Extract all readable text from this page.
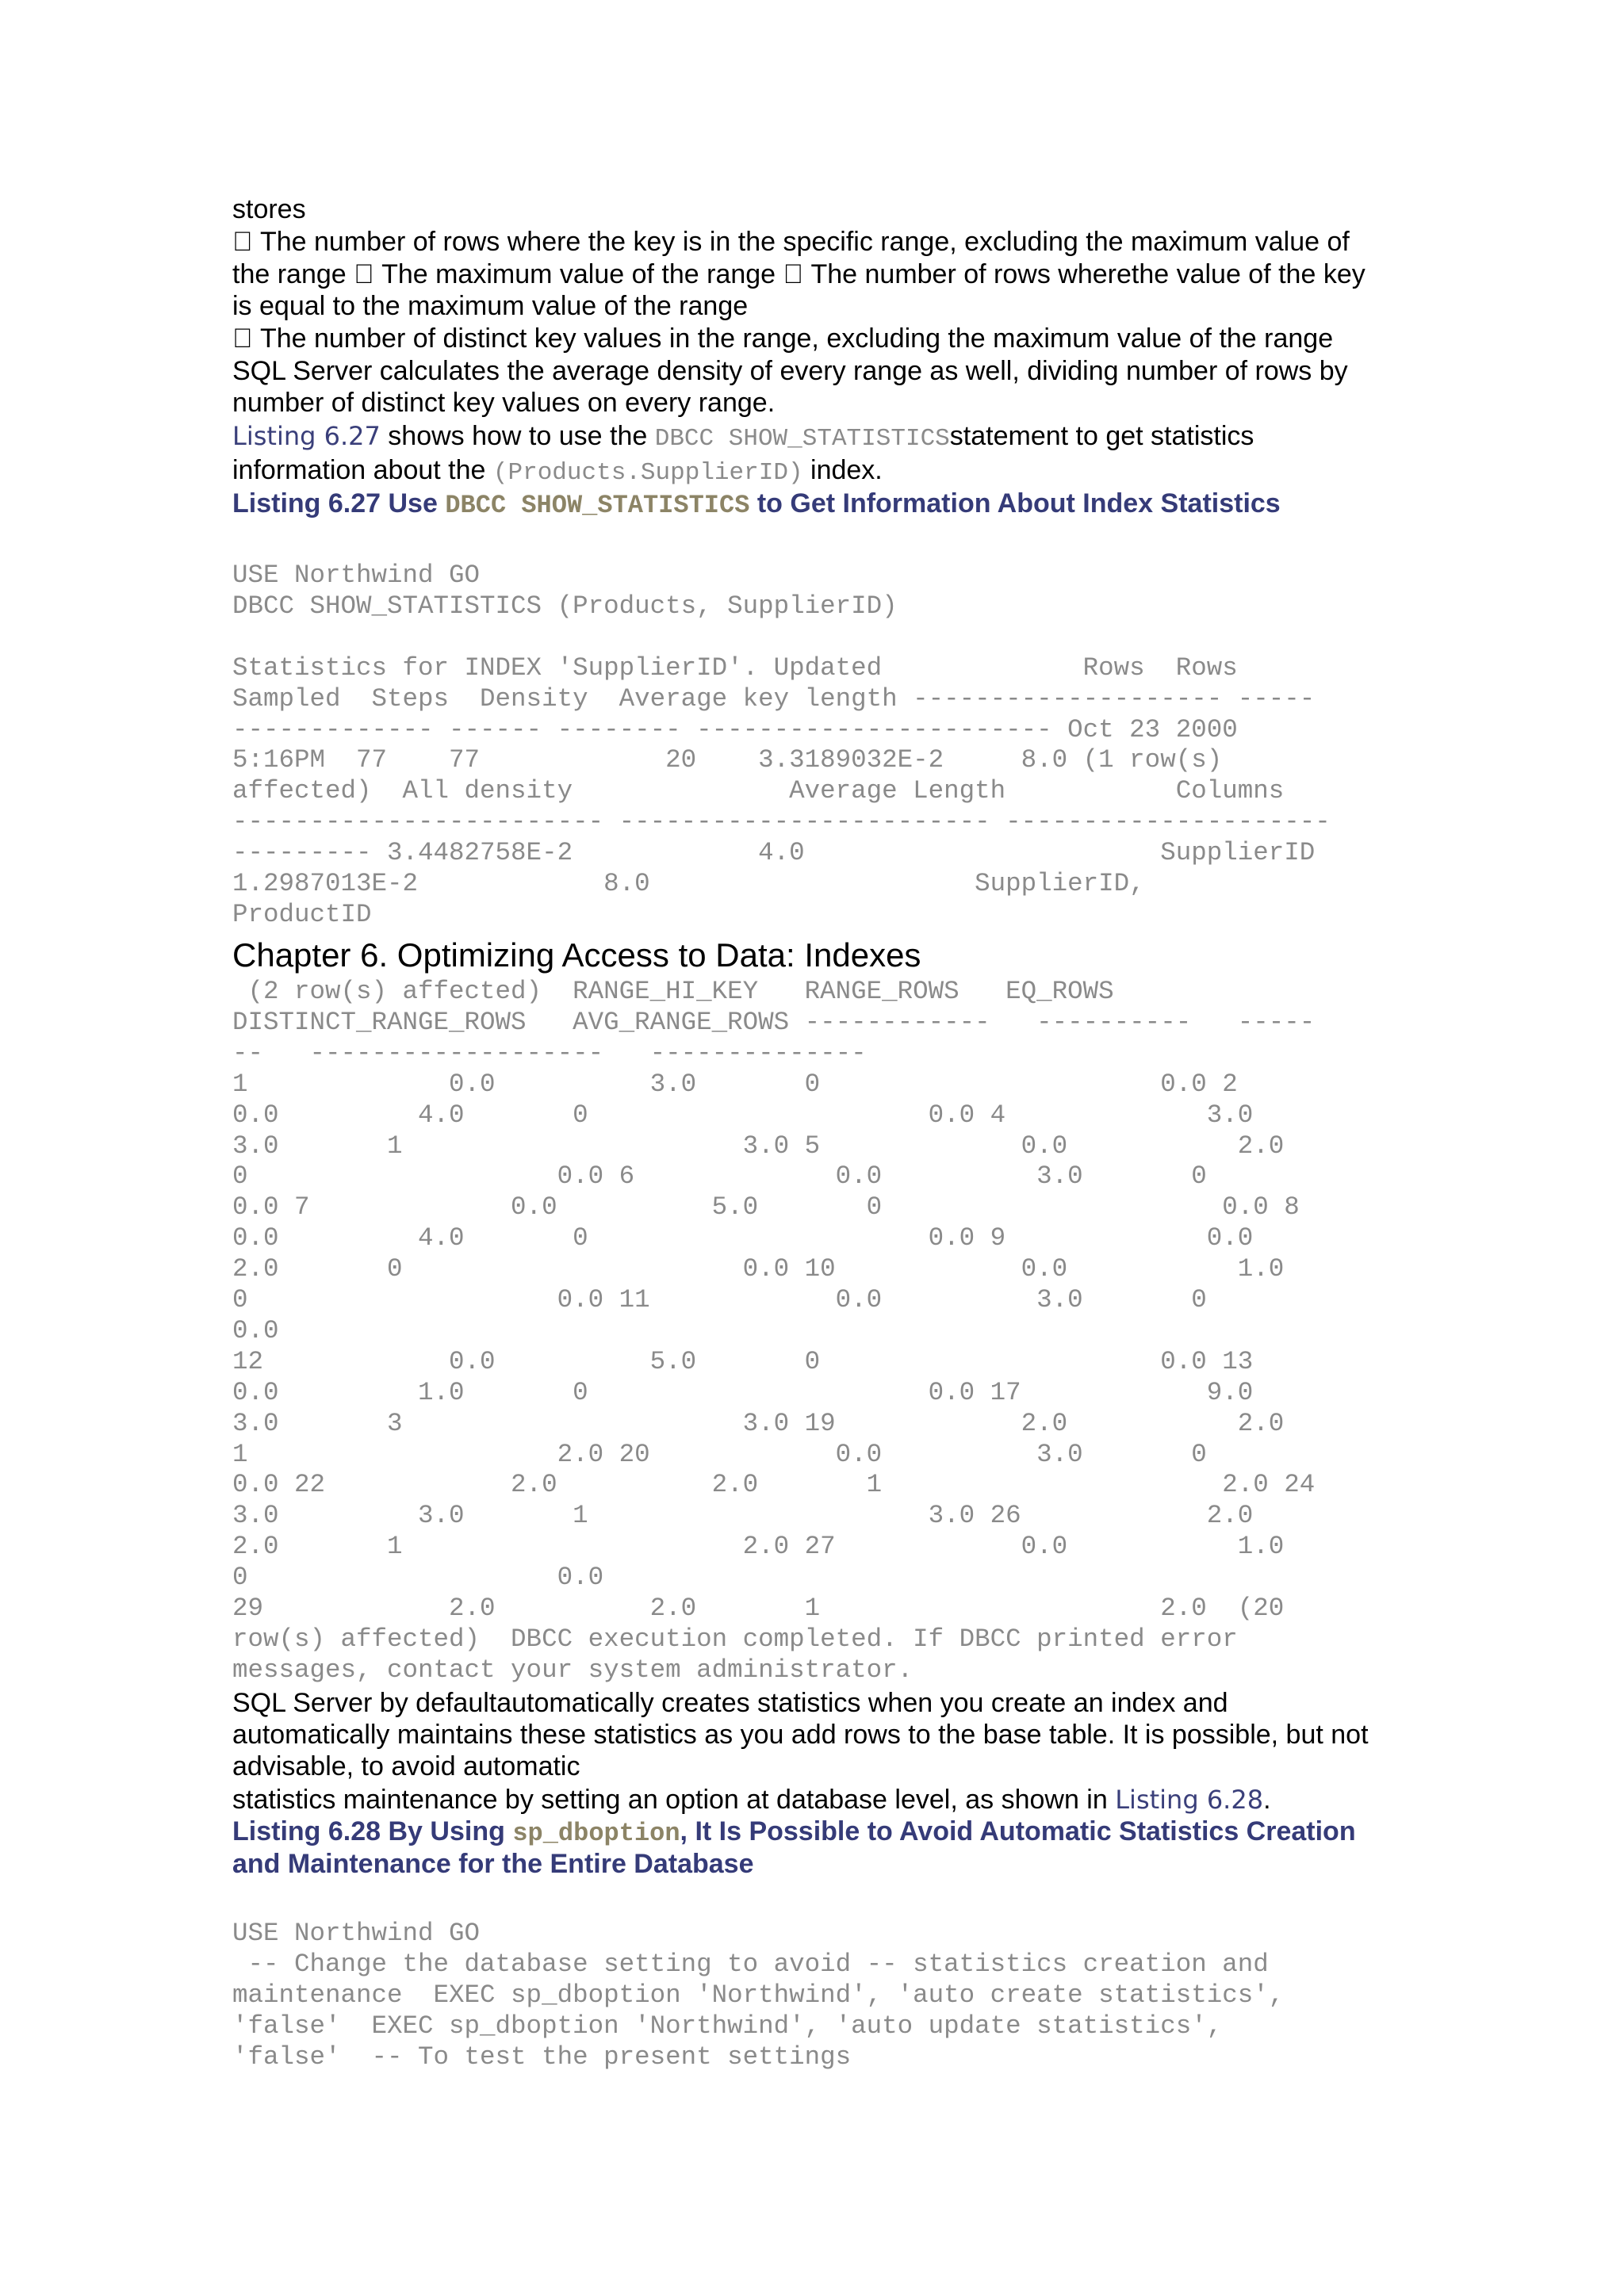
stores

The number of rows where the key is in the specific range, excluding the maximum value of

the range   The maximum value of the range   The number of rows wherethe value of the key

is equal to the maximum value of the range

The number of distinct key values in the range, excluding the maximum value of the range

SQL Server calculates the average density of every range as well, dividing number of rows by

number of distinct key values on every range.

Listing 6.27 shows how to use the DBCC SHOW_STATISTICSstatement to get statistics

information about the (Products.SupplierID) index.

Listing 6.27 Use DBCC SHOW_STATISTICS to Get Information About Index Statistics

USE Northwind GO

DBCC SHOW_STATISTICS (Products, SupplierID)

Statistics for INDEX 'SupplierID'. Updated             Rows  Rows

Sampled  Steps  Density  Average key length -------------------- -----

------------- ------ -------- ----------------------- Oct 23 2000

5:16PM  77    77            20    3.3189032E-2     8.0 (1 row(s)

affected)  All density              Average Length           Columns

------------------------ ------------------------ ---------------------

--------- 3.4482758E-2            4.0                       SupplierID

1.2987013E-2            8.0                     SupplierID,

ProductID

Chapter 6. Optimizing Access to Data: Indexes

(2 row(s) affected)  RANGE_HI_KEY   RANGE_ROWS   EQ_ROWS

DISTINCT_RANGE_ROWS   AVG_RANGE_ROWS ------------   ----------   -----

--   -------------------   --------------

1             0.0          3.0       0                      0.0 2

0.0         4.0       0                      0.0 4             3.0

3.0       1                      3.0 5             0.0           2.0

0                    0.0 6             0.0          3.0       0

0.0 7             0.0          5.0       0                      0.0 8

0.0         4.0       0                      0.0 9             0.0

2.0       0                      0.0 10            0.0           1.0

0                    0.0 11            0.0          3.0       0

0.0

12            0.0          5.0       0                      0.0 13

0.0         1.0       0                      0.0 17            9.0

3.0       3                      3.0 19            2.0           2.0

1                    2.0 20            0.0          3.0       0

0.0 22            2.0          2.0       1                      2.0 24

3.0         3.0       1                      3.0 26            2.0

2.0       1                      2.0 27            0.0           1.0

0                    0.0

29            2.0          2.0       1                      2.0  (20

row(s) affected)  DBCC execution completed. If DBCC printed error

messages, contact your system administrator.

SQL Server by defaultautomatically creates statistics when you create an index and

automatically maintains these statistics as you add rows to the base table. It is possible, but not

advisable, to avoid automatic

statistics maintenance by setting an option at database level, as shown in Listing 6.28.

Listing 6.28 By Using sp_dboption, It Is Possible to Avoid Automatic Statistics Creation

and Maintenance for the Entire Database

USE Northwind GO

-- Change the database setting to avoid -- statistics creation and

maintenance  EXEC sp_dboption 'Northwind', 'auto create statistics',

'false'  EXEC sp_dboption 'Northwind', 'auto update statistics',

'false'  -- To test the present settings
